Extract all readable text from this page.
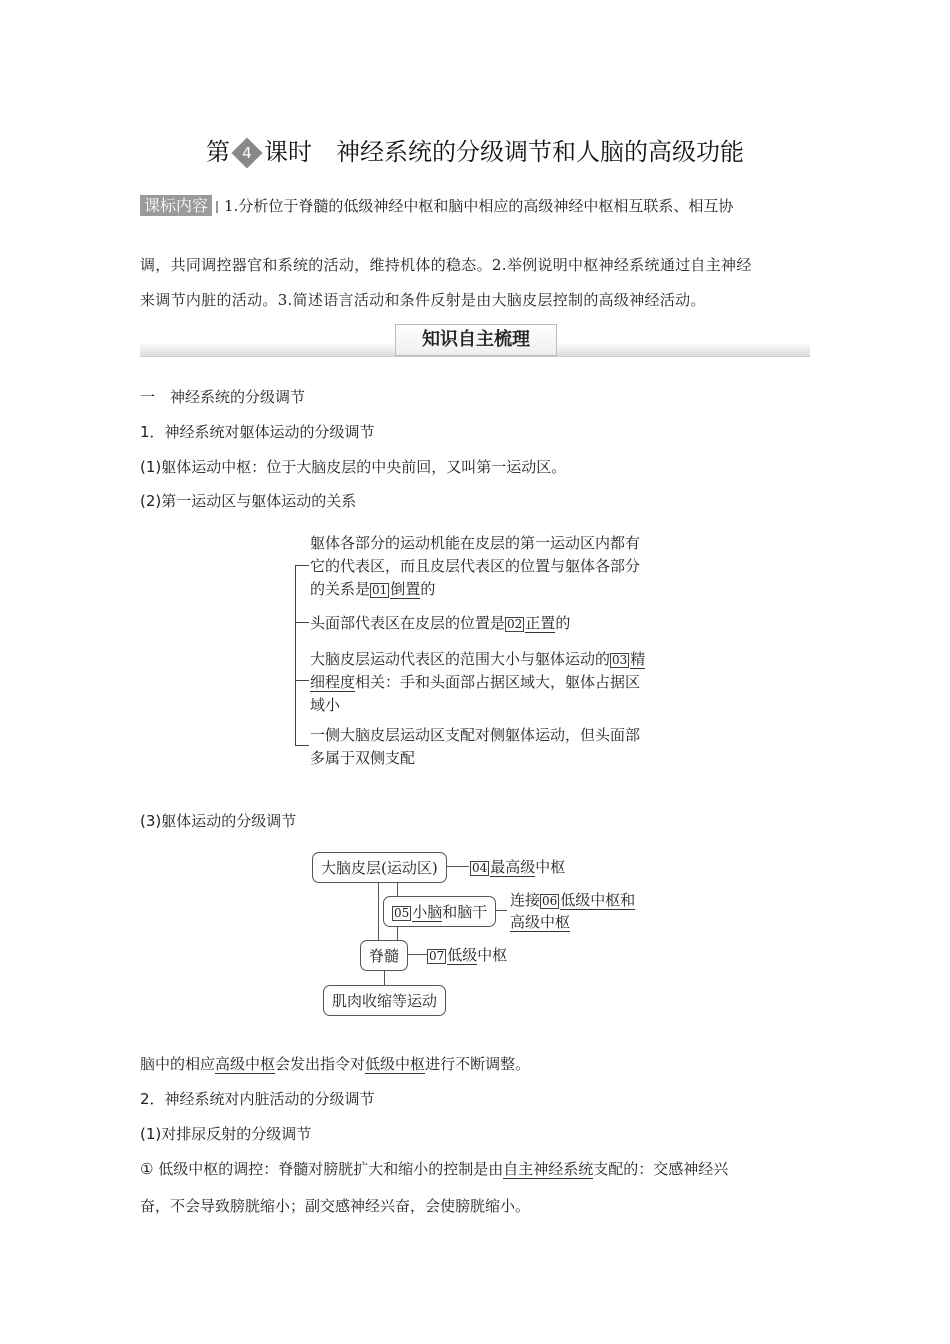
第 4 课时　 神经系统的分级调节和人脑的高级功能
课标内容 1.分析位于脊髓的低级神经中枢和脑中相应的高级神经中枢相互联系、相互协
调，共同调控器官和系统的活动，维持机体的稳态。2.举例说明中枢神经系统通过自主神经
来调节内脏的活动。3.简述语言活动和条件反射是由大脑皮层控制的高级神经活动。
知识自主梳理
一　神经系统的分级调节
1．神经系统对躯体运动的分级调节
(1)躯体运动中枢：位于大脑皮层的中央前回，又叫第一运动区。
(2)第一运动区与躯体运动的关系
躯体各部分的运动机能在皮层的第一运动区内都有
它的代表区，而且皮层代表区的位置与躯体各部分
的关系是 01 倒置的
头面部代表区在皮层的位置是 02 正置的
大脑皮层运动代表区的范围大小与躯体运动的 03 精
细程度相关：手和头面部占据区域大，躯体占据区
域小
一侧大脑皮层运动区支配对侧躯体运动，但头面部
多属于双侧支配
(3)躯体运动的分级调节
大脑皮层(运动区)	04 最高级中枢
05 小脑和脑干
连接 06 低级中枢和
高级中枢
脊髓	07 低级中枢
肌肉收缩等运动
脑中的相应高级中枢会发出指令对低级中枢进行不断调整。
2．神经系统对内脏活动的分级调节
(1)对排尿反射的分级调节
① 低级中枢的调控：脊髓对膀胱扩大和缩小的控制是由自主神经系统支配的：交感神经兴
奋，不会导致膀胱缩小；副交感神经兴奋，会使膀胱缩小。
